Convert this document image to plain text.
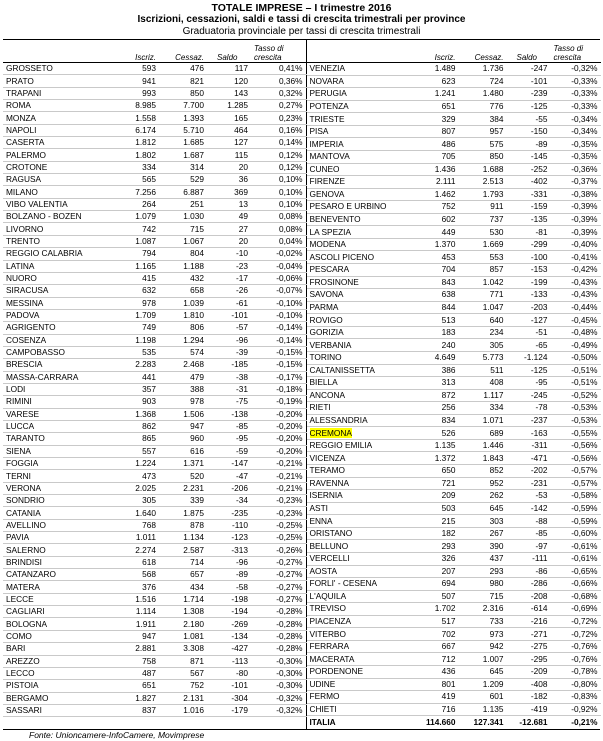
TOTALE IMPRESE – I trimestre 2016
Iscrizioni, cessazioni, saldi e tassi di crescita trimestrali per province
Graduatoria provinciale per tassi di crescita trimestrali
	Iscriz.	Cessaz.	Saldo	Tasso di crescita
GROSSETO	593	476	117	0,41%
PRATO	941	821	120	0,36%
TRAPANI	993	850	143	0,32%
ROMA	8.985	7.700	1.285	0,27%
MONZA	1.558	1.393	165	0,23%
NAPOLI	6.174	5.710	464	0,16%
CASERTA	1.812	1.685	127	0,14%
PALERMO	1.802	1.687	115	0,12%
CROTONE	334	314	20	0,12%
RAGUSA	565	529	36	0,10%
MILANO	7.256	6.887	369	0,10%
VIBO VALENTIA	264	251	13	0,10%
BOLZANO - BOZEN	1.079	1.030	49	0,08%
LIVORNO	742	715	27	0,08%
TRENTO	1.087	1.067	20	0,04%
REGGIO CALABRIA	794	804	-10	-0,02%
LATINA	1.165	1.188	-23	-0,04%
NUORO	415	432	-17	-0,06%
SIRACUSA	632	658	-26	-0,07%
MESSINA	978	1.039	-61	-0,10%
PADOVA	1.709	1.810	-101	-0,10%
AGRIGENTO	749	806	-57	-0,14%
COSENZA	1.198	1.294	-96	-0,14%
CAMPOBASSO	535	574	-39	-0,15%
BRESCIA	2.283	2.468	-185	-0,15%
MASSA-CARRARA	441	479	-38	-0,17%
LODI	357	388	-31	-0,18%
RIMINI	903	978	-75	-0,19%
VARESE	1.368	1.506	-138	-0,20%
LUCCA	862	947	-85	-0,20%
TARANTO	865	960	-95	-0,20%
SIENA	557	616	-59	-0,20%
FOGGIA	1.224	1.371	-147	-0,21%
TERNI	473	520	-47	-0,21%
VERONA	2.025	2.231	-206	-0,21%
SONDRIO	305	339	-34	-0,23%
CATANIA	1.640	1.875	-235	-0,23%
AVELLINO	768	878	-110	-0,25%
PAVIA	1.011	1.134	-123	-0,25%
SALERNO	2.274	2.587	-313	-0,26%
BRINDISI	618	714	-96	-0,27%
CATANZARO	568	657	-89	-0,27%
MATERA	376	434	-58	-0,27%
LECCE	1.516	1.714	-198	-0,27%
CAGLIARI	1.114	1.308	-194	-0,28%
BOLOGNA	1.911	2.180	-269	-0,28%
COMO	947	1.081	-134	-0,28%
BARI	2.881	3.308	-427	-0,28%
AREZZO	758	871	-113	-0,30%
LECCO	487	567	-80	-0,30%
PISTOIA	651	752	-101	-0,30%
BERGAMO	1.827	2.131	-304	-0,32%
SASSARI	837	1.016	-179	-0,32%

	Iscriz.	Cessaz.	Saldo	Tasso di crescita
VENEZIA	1.489	1.736	-247	-0,32%
NOVARA	623	724	-101	-0,33%
PERUGIA	1.241	1.480	-239	-0,33%
POTENZA	651	776	-125	-0,33%
TRIESTE	329	384	-55	-0,34%
PISA	807	957	-150	-0,34%
IMPERIA	486	575	-89	-0,35%
MANTOVA	705	850	-145	-0,35%
CUNEO	1.436	1.688	-252	-0,36%
FIRENZE	2.111	2.513	-402	-0,37%
GENOVA	1.462	1.793	-331	-0,38%
PESARO E URBINO	752	911	-159	-0,39%
BENEVENTO	602	737	-135	-0,39%
LA SPEZIA	449	530	-81	-0,39%
MODENA	1.370	1.669	-299	-0,40%
ASCOLI PICENO	453	553	-100	-0,41%
PESCARA	704	857	-153	-0,42%
FROSINONE	843	1.042	-199	-0,43%
SAVONA	638	771	-133	-0,43%
PARMA	844	1.047	-203	-0,44%
ROVIGO	513	640	-127	-0,45%
GORIZIA	183	234	-51	-0,48%
VERBANIA	240	305	-65	-0,49%
TORINO	4.649	5.773	-1.124	-0,50%
CALTANISSETTA	386	511	-125	-0,51%
BIELLA	313	408	-95	-0,51%
ANCONA	872	1.117	-245	-0,52%
RIETI	256	334	-78	-0,53%
ALESSANDRIA	834	1.071	-237	-0,53%
CREMONA	526	689	-163	-0,55%
REGGIO EMILIA	1.135	1.446	-311	-0,56%
VICENZA	1.372	1.843	-471	-0,56%
TERAMO	650	852	-202	-0,57%
RAVENNA	721	952	-231	-0,57%
ISERNIA	209	262	-53	-0,58%
ASTI	503	645	-142	-0,59%
ENNA	215	303	-88	-0,59%
ORISTANO	182	267	-85	-0,60%
BELLUNO	293	390	-97	-0,61%
VERCELLI	326	437	-111	-0,61%
AOSTA	207	293	-86	-0,65%
FORLI' - CESENA	694	980	-286	-0,66%
L'AQUILA	507	715	-208	-0,68%
TREVISO	1.702	2.316	-614	-0,69%
PIACENZA	517	733	-216	-0,72%
VITERBO	702	973	-271	-0,72%
FERRARA	667	942	-275	-0,76%
MACERATA	712	1.007	-295	-0,76%
PORDENONE	436	645	-209	-0,78%
UDINE	801	1.209	-408	-0,80%
FERMO	419	601	-182	-0,83%
CHIETI	716	1.135	-419	-0,92%
ITALIA	114.660	127.341	-12.681	-0,21%
Fonte: Unioncamere-InfoCamere, Movimprese
